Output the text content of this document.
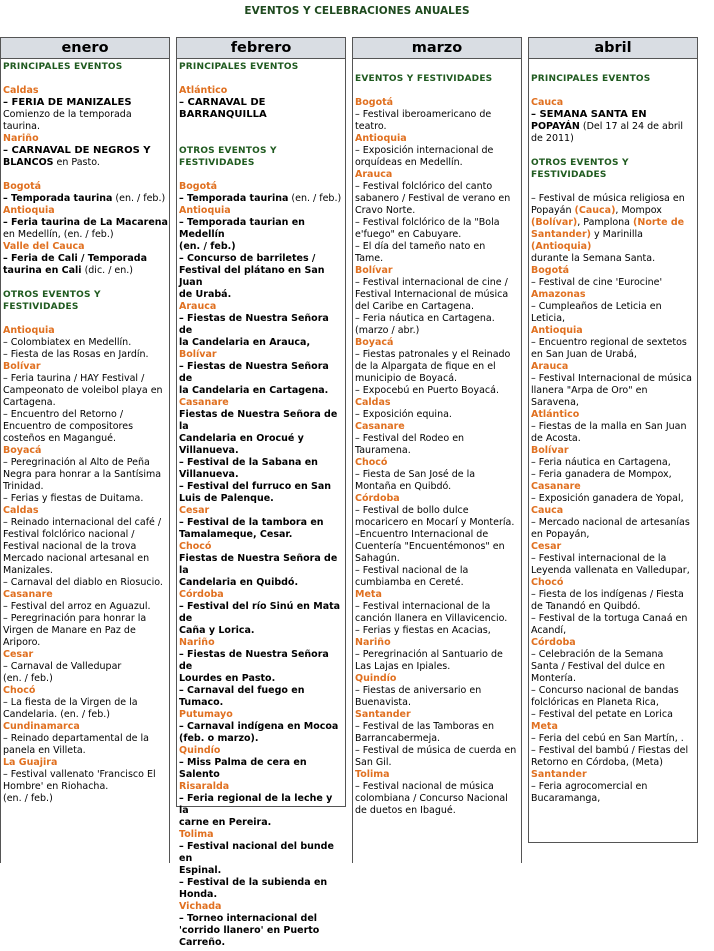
EVENTOS Y CELEBRACIONES ANUALES
enero
PRINCIPALES EVENTOS
Caldas
– FERIA DE MANIZALES
Comienzo de la temporada
taurina.
Nariño
– CARNAVAL DE NEGROS Y
BLANCOS en Pasto.
Bogotá
– Temporada taurina (en. / feb.)
Antioquia
– Feria taurina de La Macarena
en Medellín, (en. / feb.)
Valle del Cauca
– Feria de Cali / Temporada
taurina en Cali (dic. / en.)
OTROS EVENTOS Y
FESTIVIDADES
Antioquia
– Colombiatex en Medellín.
– Fiesta de las Rosas en Jardín.
Bolívar
– Feria taurina / HAY Festival /
Campeonato de voleibol playa en
Cartagena.
– Encuentro del Retorno /
Encuentro de compositores
costeños en Magangué.
Boyacá
– Peregrinación al Alto de Peña
Negra para honrar a la Santísima
Trinidad.
– Ferias y fiestas de Duitama.
Caldas
– Reinado internacional del café /
Festival folclórico nacional /
Festival nacional de la trova
Mercado nacional artesanal en
Manizales.
– Carnaval del diablo en Riosucio.
Casanare
– Festival del arroz en Aguazul.
– Peregrinación para honrar la
Virgen de Manare en Paz de
Ariporo.
Cesar
– Carnaval de Valledupar
(en. / feb.)
Chocó
– La fiesta de la Virgen de la
Candelaria. (en. / feb.)
Cundinamarca
– Reinado departamental de la
panela en Villeta.
La Guajira
– Festival vallenato 'Francisco El
Hombre' en Riohacha.
(en. / feb.)
febrero
PRINCIPALES EVENTOS
Atlántico
– CARNAVAL DE
BARRANQUILLA
OTROS EVENTOS Y
FESTIVIDADES
Bogotá
– Temporada taurina (en. / feb.)
Antioquia
– Temporada taurian en Medellín
(en. / feb.)
– Concurso de barriletes /
Festival del plátano en San Juan
de Urabá.
Arauca
– Fiestas de Nuestra Señora de
la Candelaria en Arauca,
Bolívar
– Fiestas de Nuestra Señora de
la Candelaria en Cartagena.
Casanare
Fiestas de Nuestra Señora de la
Candelaria en Orocué y
Villanueva.
– Festival de la Sabana en
Villanueva.
– Festival del furruco en San
Luis de Palenque.
Cesar
– Festival de la tambora en
Tamalameque, Cesar.
Chocó
Fiestas de Nuestra Señora de la
Candelaria en Quibdó.
Córdoba
– Festival del río Sinú en Mata de
Caña y Lorica.
Nariño
– Fiestas de Nuestra Señora de
Lourdes en Pasto.
– Carnaval del fuego en Tumaco.
Putumayo
– Carnaval indígena en Mocoa
(feb. o marzo).
Quindío
– Miss Palma de cera en Salento
Risaralda
– Feria regional de la leche y la
carne en Pereira.
Tolima
– Festival nacional del bunde en
Espinal.
– Festival de la subienda en
Honda.
Vichada
– Torneo internacional del
'corrido llanero' en Puerto
Carreño.
marzo
EVENTOS Y FESTIVIDADES
Bogotá
– Festival iberoamericano de
teatro.
Antioquia
– Exposición internacional de
orquídeas en Medellín.
Arauca
– Festival folclórico del canto
sabanero / Festival de verano en
Cravo Norte.
– Festival folclórico de la "Bola
e'fuego" en Cabuyare.
– El día del tameño nato en
Tame.
Bolívar
– Festival internacional de cine /
Festival Internacional de música
del Caribe en Cartagena.
– Feria náutica en Cartagena.
(marzo / abr.)
Boyacá
– Fiestas patronales y el Reinado
de la Alpargata de fique en el
municipio de Boyacá.
– Expocebú en Puerto Boyacá.
Caldas
– Exposición equina.
Casanare
– Festival del Rodeo en
Tauramena.
Chocó
– Fiesta de San José de la
Montaña en Quibdó.
Córdoba
– Festival de bollo dulce
mocaricero en Mocarí y Montería.
–Encuentro Internacional de
Cuentería "Encuentémonos" en
Sahagún.
– Festival nacional de la
cumbiamba en Cereté.
Meta
– Festival internacional de la
canción llanera en Villavicencio.
– Ferias y fiestas en Acacias,
Nariño
– Peregrinación al Santuario de
Las Lajas en Ipiales.
Quindío
– Fiestas de aniversario en
Buenavista.
Santander
– Festival de las Tamboras en
Barrancabermeja.
– Festival de música de cuerda en
San Gil.
Tolima
– Festival nacional de música
colombiana / Concurso Nacional
de duetos en Ibagué.
abril
PRINCIPALES EVENTOS
Cauca
– SEMANA SANTA EN
POPAYÁN (Del 17 al 24 de abril
de 2011)
OTROS EVENTOS Y
FESTIVIDADES
– Festival de música religiosa en
Popayán (Cauca), Mompox
(Bolívar), Pamplona (Norte de
Santander) y Marinilla (Antioquia)
durante la Semana Santa.
Bogotá
– Festival de cine 'Eurocine'
Amazonas
– Cumpleaños de Leticia en
Leticia,
Antioquia
– Encuentro regional de sextetos
en San Juan de Urabá,
Arauca
– Festival Internacional de música
llanera "Arpa de Oro" en Saravena,
Atlántico
– Fiestas de la malla en San Juan
de Acosta.
Bolívar
– Feria náutica en Cartagena,
– Feria ganadera de Mompox,
Casanare
– Exposición ganadera de Yopal,
Cauca
– Mercado nacional de artesanías
en Popayán,
Cesar
– Festival internacional de la
Leyenda vallenata en Valledupar,
Chocó
– Fiesta de los indígenas / Fiesta
de Tanandó en Quibdó.
– Festival de la tortuga Canaá en
Acandí,
Córdoba
– Celebración de la Semana
Santa / Festival del dulce en
Montería.
– Concurso nacional de bandas
folclóricas en Planeta Rica,
– Festival del petate en Lorica
Meta
– Feria del cebú en San Martín, .
– Festival del bambú / Fiestas del
Retorno en Córdoba, (Meta)
Santander
– Feria agrocomercial en
Bucaramanga,
